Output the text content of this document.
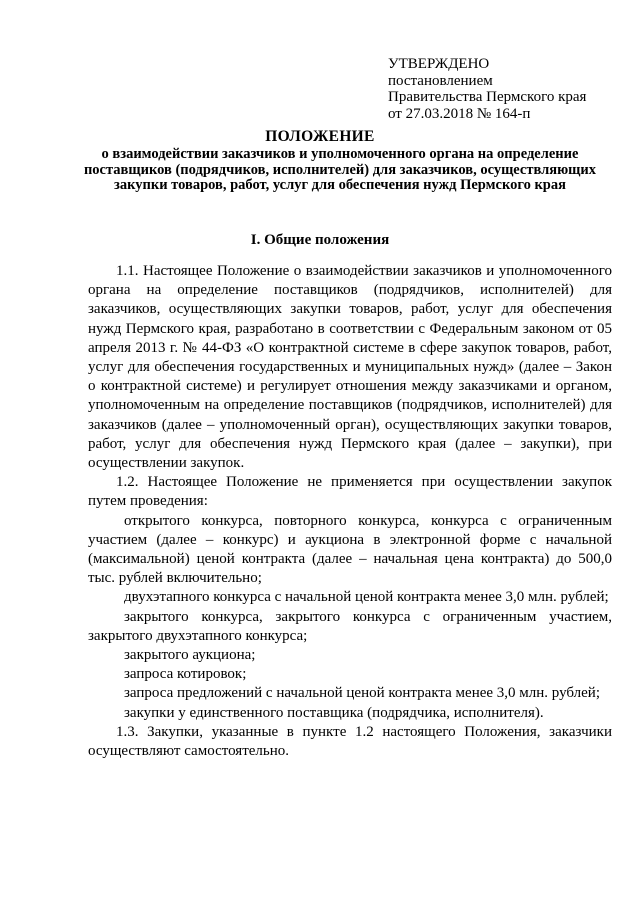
УТВЕРЖДЕНО
постановлением
Правительства Пермского края
от 27.03.2018 № 164-п
ПОЛОЖЕНИЕ
о взаимодействии заказчиков и уполномоченного органа на определение поставщиков (подрядчиков, исполнителей) для заказчиков, осуществляющих закупки товаров, работ, услуг для обеспечения нужд Пермского края
I. Общие положения

1.1. Настоящее Положение о взаимодействии заказчиков и уполномоченного органа на определение поставщиков (подрядчиков, исполнителей) для заказчиков, осуществляющих закупки товаров, работ, услуг для обеспечения нужд Пермского края, разработано в соответствии с Федеральным законом от 05 апреля 2013 г. № 44-ФЗ «О контрактной системе в сфере закупок товаров, работ, услуг для обеспечения государственных и муниципальных нужд» (далее – Закон о контрактной системе) и регулирует отношения между заказчиками и органом, уполномоченным на определение поставщиков (подрядчиков, исполнителей) для заказчиков (далее – уполномоченный орган), осуществляющих закупки товаров, работ, услуг для обеспечения нужд Пермского края (далее – закупки), при осуществлении закупок.

1.2. Настоящее Положение не применяется при осуществлении закупок путем проведения:

открытого конкурса, повторного конкурса, конкурса с ограниченным участием (далее – конкурс) и аукциона в электронной форме с начальной (максимальной) ценой контракта (далее – начальная цена контракта) до 500,0 тыс. рублей включительно;

двухэтапного конкурса с начальной ценой контракта менее 3,0 млн. рублей;

закрытого конкурса, закрытого конкурса с ограниченным участием, закрытого двухэтапного конкурса;

закрытого аукциона;

запроса котировок;

запроса предложений с начальной ценой контракта менее 3,0 млн. рублей;

закупки у единственного поставщика (подрядчика, исполнителя).

1.3. Закупки, указанные в пункте 1.2 настоящего Положения, заказчики осуществляют самостоятельно.
